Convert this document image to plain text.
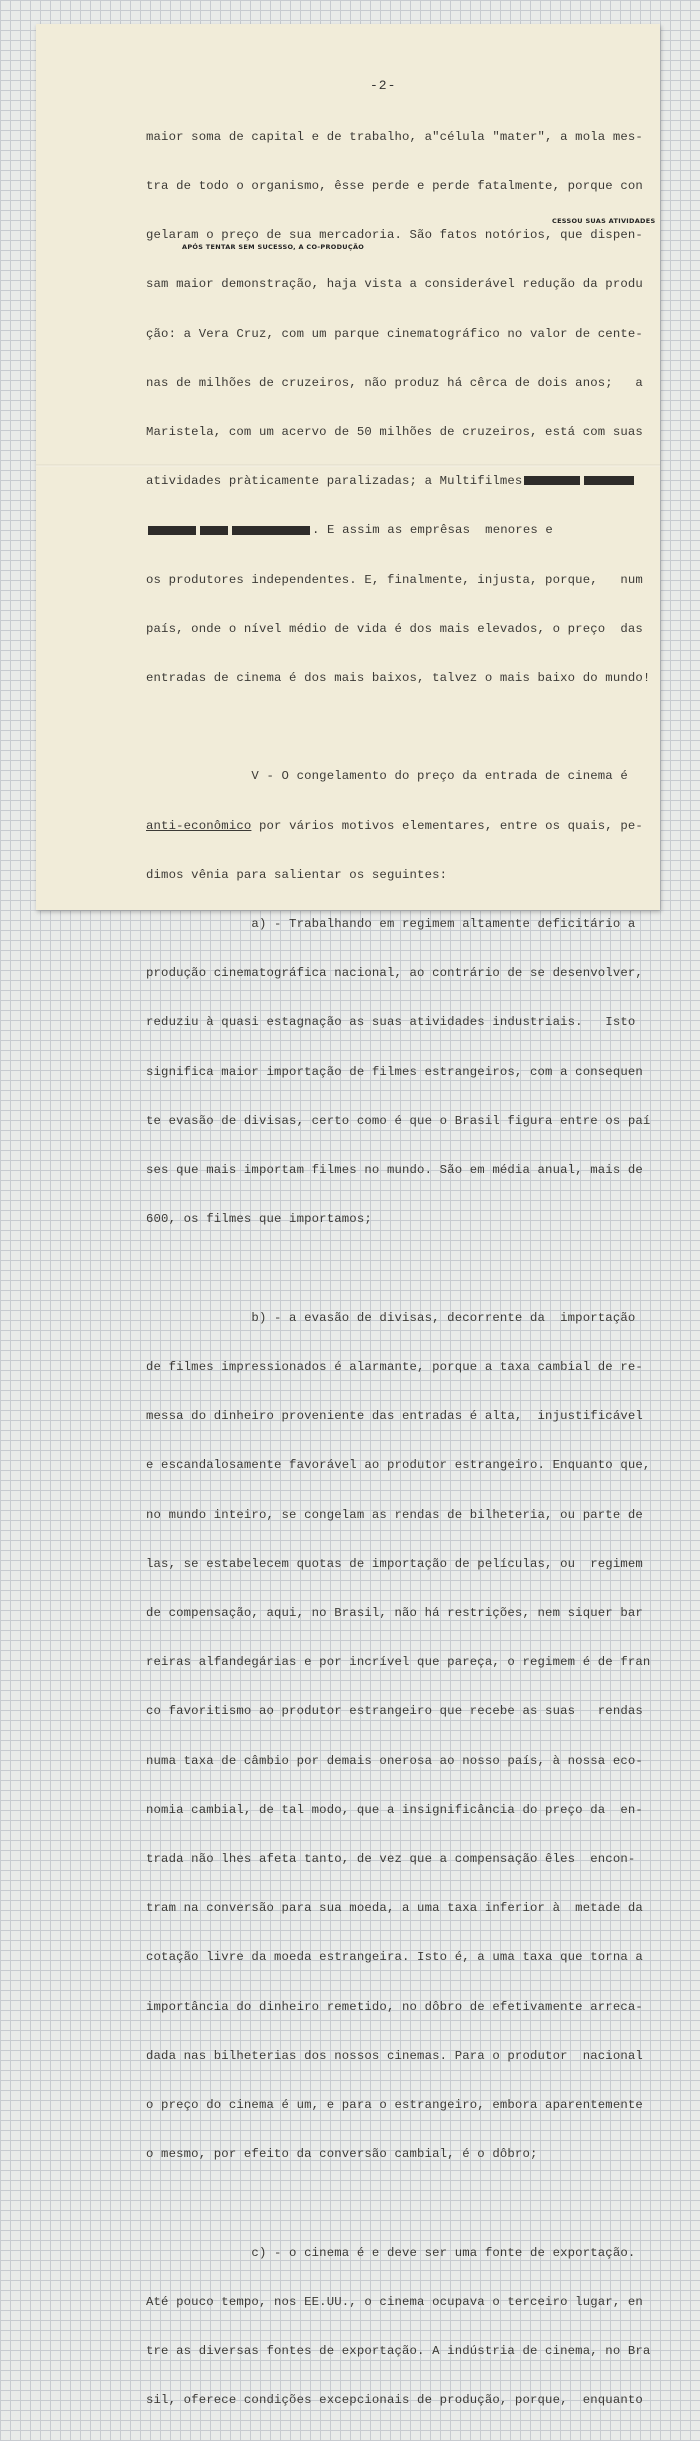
-2-
CESSOU SUAS ATIVIDADES
APÓS TENTAR SEM SUCESSO, A CO-PRODUÇÃO

maior soma de capital e de trabalho, a"célula "mater", a mola mes-

tra de todo o organismo, êsse perde e perde fatalmente, porque con

gelaram o preço de sua mercadoria. São fatos notórios, que dispen-

sam maior demonstração, haja vista a considerável redução da produ

ção: a Vera Cruz, com um parque cinematográfico no valor de cente-

nas de milhões de cruzeiros, não produz há cêrca de dois anos;   a

Maristela, com um acervo de 50 milhões de cruzeiros, está com suas

atividades pràticamente paralizadas; a Multifilmes

. E assim as emprêsas  menores e

os produtores independentes. E, finalmente, injusta, porque,   num

país, onde o nível médio de vida é dos mais elevados, o preço  das

entradas de cinema é dos mais baixos, talvez o mais baixo do mundo!

V - O congelamento do preço da entrada de cinema é

anti-econômico por vários motivos elementares, entre os quais, pe-

dimos vênia para salientar os seguintes:

a) - Trabalhando em regimem altamente deficitário a

produção cinematográfica nacional, ao contrário de se desenvolver,

reduziu à quasi estagnação as suas atividades industriais.   Isto

significa maior importação de filmes estrangeiros, com a consequen

te evasão de divisas, certo como é que o Brasil figura entre os paí

ses que mais importam filmes no mundo. São em média anual, mais de

600, os filmes que importamos;

b) - a evasão de divisas, decorrente da  importação

de filmes impressionados é alarmante, porque a taxa cambial de re-

messa do dinheiro proveniente das entradas é alta,  injustificável

e escandalosamente favorável ao produtor estrangeiro. Enquanto que,

no mundo inteiro, se congelam as rendas de bilheteria, ou parte de

las, se estabelecem quotas de importação de películas, ou  regimem

de compensação, aqui, no Brasil, não há restrições, nem siquer bar

reiras alfandegárias e por incrível que pareça, o regimem é de fran

co favoritismo ao produtor estrangeiro que recebe as suas   rendas

numa taxa de câmbio por demais onerosa ao nosso país, à nossa eco-

nomia cambial, de tal modo, que a insignificância do preço da  en-

trada não lhes afeta tanto, de vez que a compensação êles  encon-

tram na conversão para sua moeda, a uma taxa inferior à  metade da

cotação livre da moeda estrangeira. Isto é, a uma taxa que torna a

importância do dinheiro remetido, no dôbro de efetivamente arreca-

dada nas bilheterias dos nossos cinemas. Para o produtor  nacional

o preço do cinema é um, e para o estrangeiro, embora aparentemente

o mesmo, por efeito da conversão cambial, é o dôbro;

c) - o cinema é e deve ser uma fonte de exportação.

Até pouco tempo, nos EE.UU., o cinema ocupava o terceiro lugar, en

tre as diversas fontes de exportação. A indústria de cinema, no Bra

sil, oferece condições excepcionais de produção, porque,  enquanto
